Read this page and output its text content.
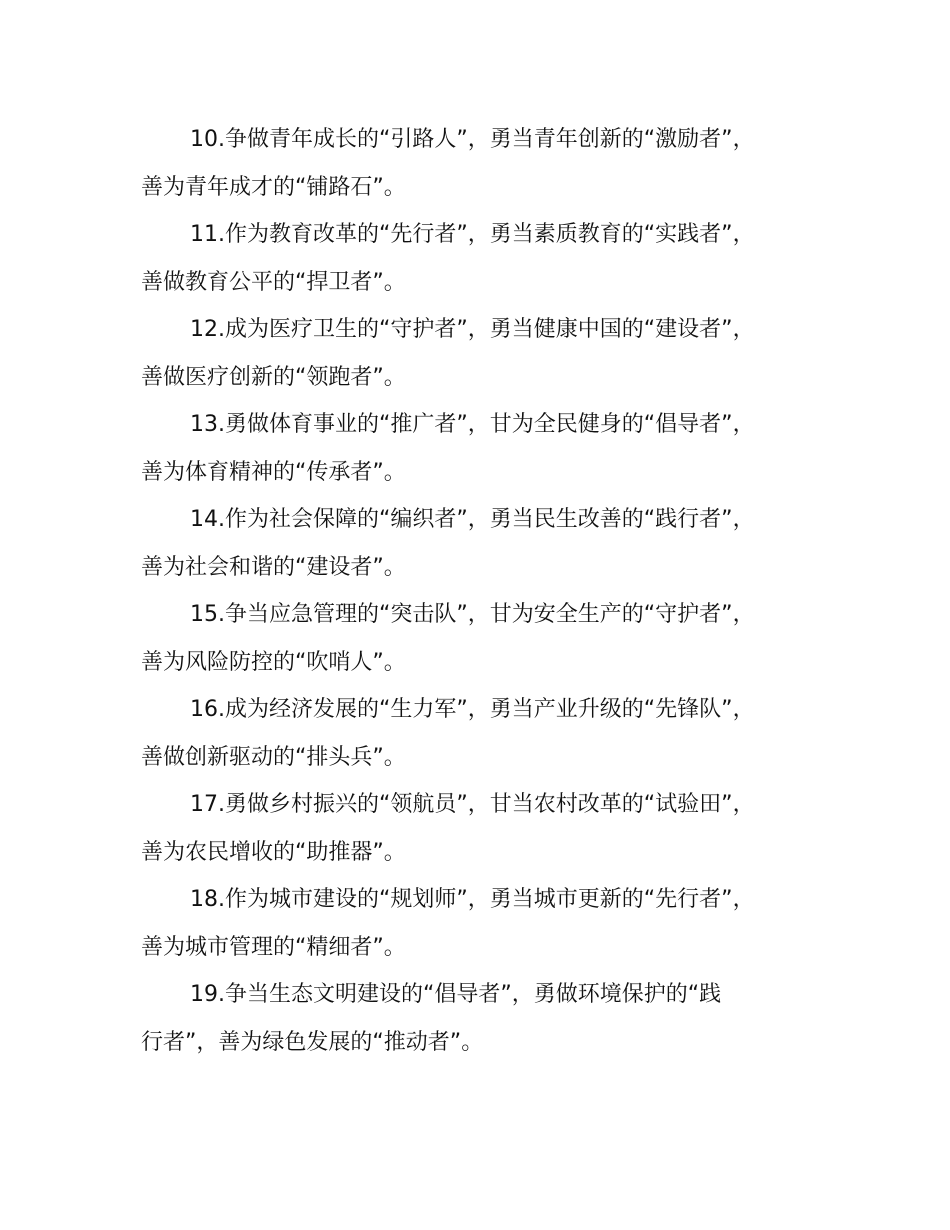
10.争做青年成长的“引路人”，勇当青年创新的“激励者”，
善为青年成才的“铺路石”。

11.作为教育改革的“先行者”，勇当素质教育的“实践者”，
善做教育公平的“捍卫者”。

12.成为医疗卫生的“守护者”，勇当健康中国的“建设者”，
善做医疗创新的“领跑者”。

13.勇做体育事业的“推广者”，甘为全民健身的“倡导者”，
善为体育精神的“传承者”。

14.作为社会保障的“编织者”，勇当民生改善的“践行者”，
善为社会和谐的“建设者”。

15.争当应急管理的“突击队”，甘为安全生产的“守护者”，
善为风险防控的“吹哨人”。

16.成为经济发展的“生力军”，勇当产业升级的“先锋队”，
善做创新驱动的“排头兵”。

17.勇做乡村振兴的“领航员”，甘当农村改革的“试验田”，
善为农民增收的“助推器”。

18.作为城市建设的“规划师”，勇当城市更新的“先行者”，
善为城市管理的“精细者”。

19.争当生态文明建设的“倡导者”，勇做环境保护的“践
行者”，善为绿色发展的“推动者”。
